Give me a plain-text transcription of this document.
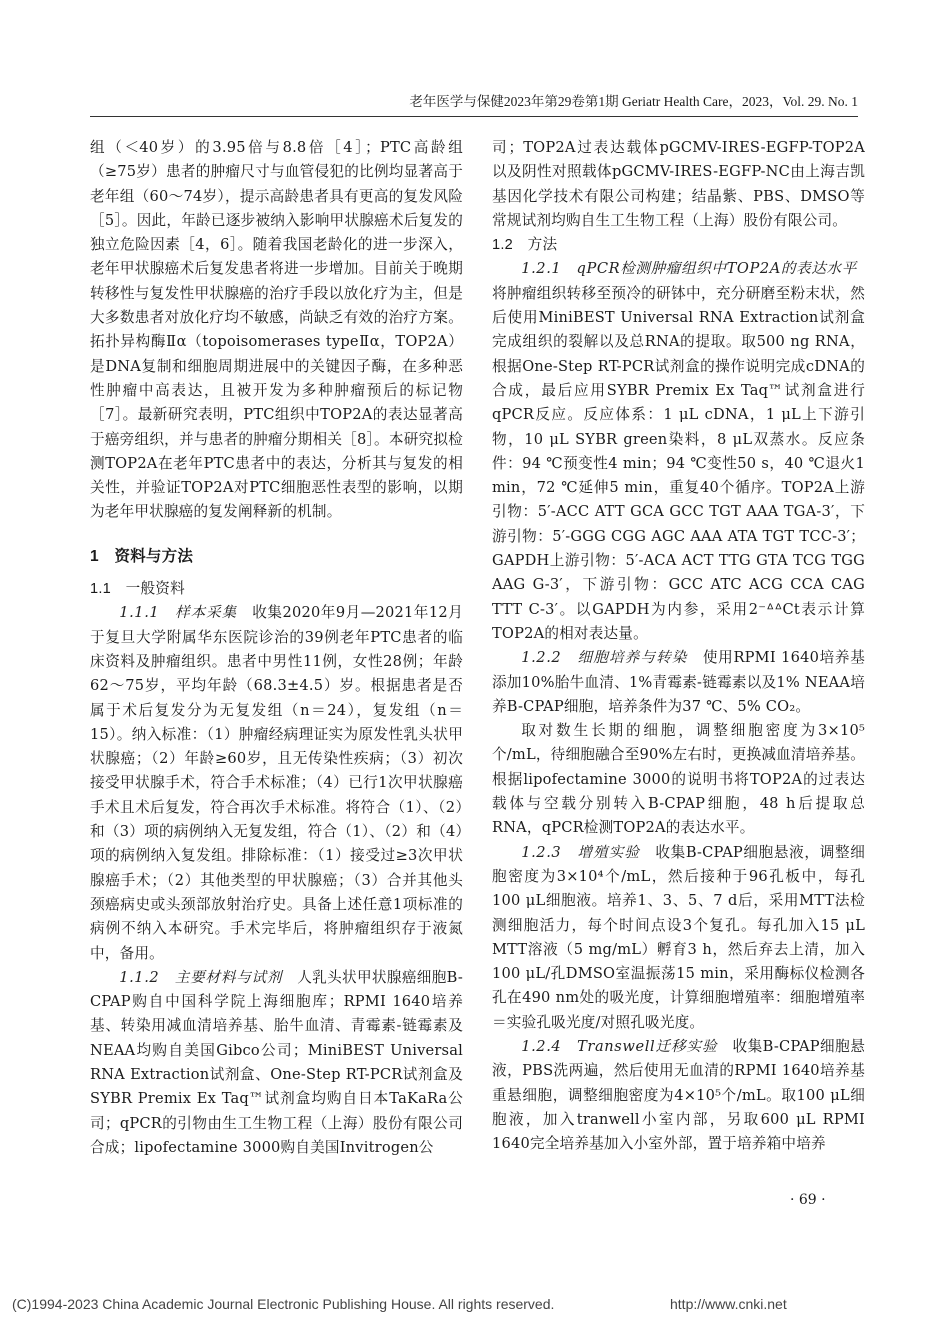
老年医学与保健2023年第29卷第1期 Geriatr Health Care，2023，Vol. 29. No. 1

组（＜40岁）的3.95倍与8.8倍［4］；PTC高龄组（≥75岁）患者的肿瘤尺寸与血管侵犯的比例均显著高于老年组（60～74岁），提示高龄患者具有更高的复发风险［5］。因此，年龄已逐步被纳入影响甲状腺癌术后复发的独立危险因素［4，6］。随着我国老龄化的进一步深入，老年甲状腺癌术后复发患者将进一步增加。目前关于晚期转移性与复发性甲状腺癌的治疗手段以放化疗为主，但是大多数患者对放化疗均不敏感，尚缺乏有效的治疗方案。拓扑异构酶Ⅱα（topoisomerases typeⅡα，TOP2A）是DNA复制和细胞周期进展中的关键因子酶，在多种恶性肿瘤中高表达，且被开发为多种肿瘤预后的标记物［7］。最新研究表明，PTC组织中TOP2A的表达显著高于癌旁组织，并与患者的肿瘤分期相关［8］。本研究拟检测TOP2A在老年PTC患者中的表达，分析其与复发的相关性，并验证TOP2A对PTC细胞恶性表型的影响，以期为老年甲状腺癌的复发阐释新的机制。

1　资料与方法
1.1　一般资料

1.1.1　样本采集　收集2020年9月—2021年12月于复旦大学附属华东医院诊治的39例老年PTC患者的临床资料及肿瘤组织。患者中男性11例，女性28例；年龄62～75岁，平均年龄（68.3±4.5）岁。根据患者是否属于术后复发分为无复发组（n＝24），复发组（n＝15）。纳入标准：（1）肿瘤经病理证实为原发性乳头状甲状腺癌；（2）年龄≥60岁，且无传染性疾病；（3）初次接受甲状腺手术，符合手术标准；（4）已行1次甲状腺癌手术且术后复发，符合再次手术标准。将符合（1）、（2）和（3）项的病例纳入无复发组，符合（1）、（2）和（4）项的病例纳入复发组。排除标准：（1）接受过≥3次甲状腺癌手术；（2）其他类型的甲状腺癌；（3）合并其他头颈癌病史或头颈部放射治疗史。具备上述任意1项标准的病例不纳入本研究。手术完毕后，将肿瘤组织存于液氮中，备用。

1.1.2　主要材料与试剂　人乳头状甲状腺癌细胞B-CPAP购自中国科学院上海细胞库；RPMI 1640培养基、转染用减血清培养基、胎牛血清、青霉素-链霉素及NEAA均购自美国Gibco公司；MiniBEST Universal RNA Extraction试剂盒、One-Step RT-PCR试剂盒及SYBR Premix Ex Taq™试剂盒均购自日本TaKaRa公司；qPCR的引物由生工生物工程（上海）股份有限公司合成；lipofectamine 3000购自美国Invitrogen公

司；TOP2A过表达载体pGCMV-IRES-EGFP-TOP2A以及阴性对照载体pGCMV-IRES-EGFP-NC由上海吉凯基因化学技术有限公司构建；结晶紫、PBS、DMSO等常规试剂均购自生工生物工程（上海）股份有限公司。

1.2　方法

1.2.1　qPCR检测肿瘤组织中TOP2A的表达水平　将肿瘤组织转移至预冷的研钵中，充分研磨至粉末状，然后使用MiniBEST Universal RNA Extraction试剂盒完成组织的裂解以及总RNA的提取。取500 ng RNA，根据One-Step RT-PCR试剂盒的操作说明完成cDNA的合成，最后应用SYBR Premix Ex Taq™试剂盒进行qPCR反应。反应体系：1 μL cDNA，1 μL上下游引物，10 μL SYBR green染料，8 μL双蒸水。反应条件：94 ℃预变性4 min；94 ℃变性50 s，40 ℃退火1 min，72 ℃延伸5 min，重复40个循序。TOP2A上游引物：5′-ACC ATT GCA GCC TGT AAA TGA-3′，下游引物：5′-GGG CGG AGC AAA ATA TGT TCC-3′；GAPDH上游引物：5′-ACA ACT TTG GTA TCG TGG AAG G-3′，下游引物：GCC ATC ACG CCA CAG TTT C-3′。以GAPDH为内参，采用2⁻ᐞᐞCt表示计算TOP2A的相对表达量。

1.2.2　细胞培养与转染　使用RPMI 1640培养基添加10%胎牛血清、1%青霉素-链霉素以及1% NEAA培养B-CPAP细胞，培养条件为37 ℃、5% CO₂。

取对数生长期的细胞，调整细胞密度为3×10⁵个/mL，待细胞融合至90%左右时，更换减血清培养基。根据lipofectamine 3000的说明书将TOP2A的过表达载体与空载分别转入B-CPAP细胞，48 h后提取总RNA，qPCR检测TOP2A的表达水平。

1.2.3　增殖实验　收集B-CPAP细胞悬液，调整细胞密度为3×10⁴个/mL，然后接种于96孔板中，每孔100 μL细胞液。培养1、3、5、7 d后，采用MTT法检测细胞活力，每个时间点设3个复孔。每孔加入15 μL MTT溶液（5 mg/mL）孵育3 h，然后弃去上清，加入100 μL/孔DMSO室温振荡15 min，采用酶标仪检测各孔在490 nm处的吸光度，计算细胞增殖率：细胞增殖率＝实验孔吸光度/对照孔吸光度。

1.2.4　Transwell迁移实验　收集B-CPAP细胞悬液，PBS洗两遍，然后使用无血清的RPMI 1640培养基重悬细胞，调整细胞密度为4×10⁵个/mL。取100 μL细胞液，加入tranwell小室内部，另取600 μL RPMI 1640完全培养基加入小室外部，置于培养箱中培养

· 69 ·
(C)1994-2023 China Academic Journal Electronic Publishing House. All rights reserved.	http://www.cnki.net
